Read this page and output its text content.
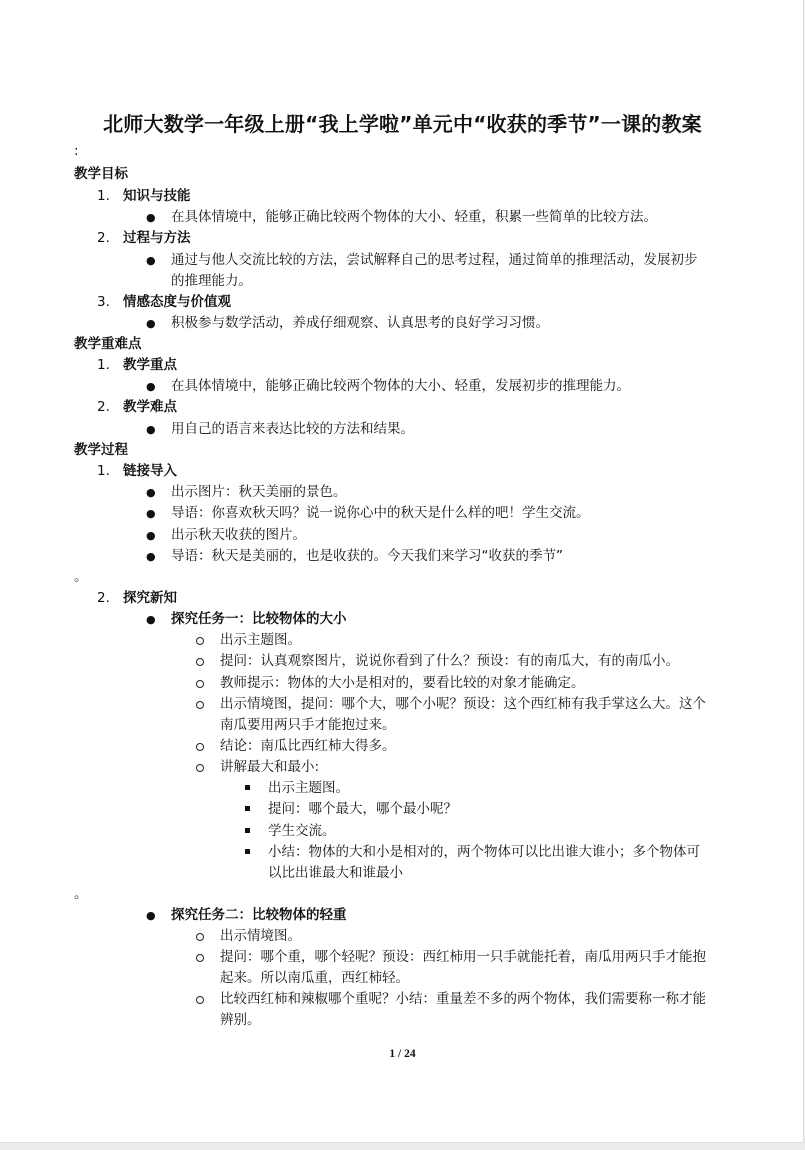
北师大数学一年级上册“我上学啦”单元中“收获的季节”一课的教案
:
教学目标
1. 知识与技能
● 在具体情境中，能够正确比较两个物体的大小、轻重，积累一些简单的比较方法。
2. 过程与方法
● 通过与他人交流比较的方法，尝试解释自己的思考过程，通过简单的推理活动，发展初步
的推理能力。
3. 情感态度与价值观
● 积极参与数学活动，养成仔细观察、认真思考的良好学习习惯。
教学重难点
1. 教学重点
● 在具体情境中，能够正确比较两个物体的大小、轻重，发展初步的推理能力。
2. 教学难点
● 用自己的语言来表达比较的方法和结果。
教学过程
1. 链接导入
● 出示图片：秋天美丽的景色。
● 导语：你喜欢秋天吗？说一说你心中的秋天是什么样的吧！学生交流。
● 出示秋天收获的图片。
● 导语：秋天是美丽的，也是收获的。今天我们来学习“收获的季节”
。
2. 探究新知
● 探究任务一：比较物体的大小
出示主题图。
提问：认真观察图片，说说你看到了什么？预设：有的南瓜大，有的南瓜小。
教师提示：物体的大小是相对的，要看比较的对象才能确定。
出示情境图，提问：哪个大，哪个小呢？预设：这个西红柿有我手掌这么大。这个
南瓜要用两只手才能抱过来。
结论：南瓜比西红柿大得多。
讲解最大和最小:
出示主题图。
提问：哪个最大，哪个最小呢？
学生交流。
小结：物体的大和小是相对的，两个物体可以比出谁大谁小；多个物体可
以比出谁最大和谁最小
。
● 探究任务二：比较物体的轻重
出示情境图。
提问：哪个重，哪个轻呢？预设：西红柿用一只手就能托着，南瓜用两只手才能抱
起来。所以南瓜重，西红柿轻。
比较西红柿和辣椒哪个重呢？小结：重量差不多的两个物体，我们需要称一称才能
辨别。
1 / 24
